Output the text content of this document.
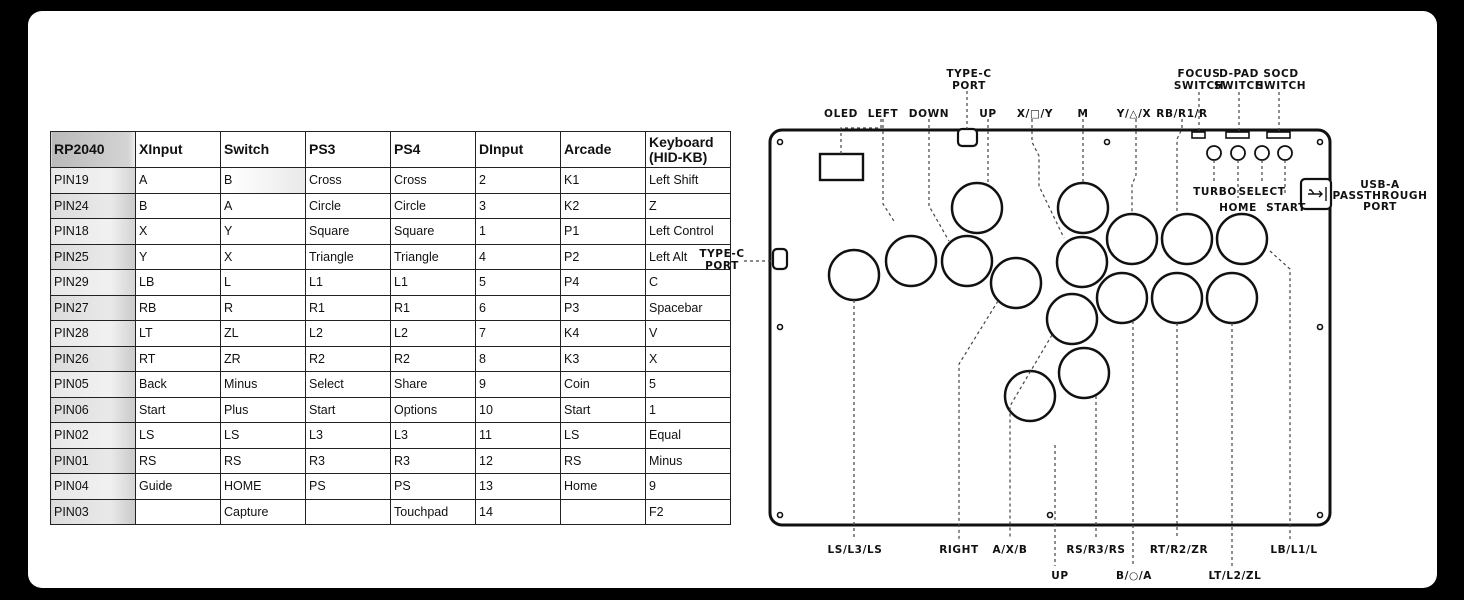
RP2040	XInput	Switch	PS3	PS4	DInput	Arcade	Keyboard
(HID-KB)
PIN19	A	B	Cross	Cross	2	K1	Left Shift
PIN24	B	A	Circle	Circle	3	K2	Z
PIN18	X	Y	Square	Square	1	P1	Left Control
PIN25	Y	X	Triangle	Triangle	4	P2	Left Alt
PIN29	LB	L	L1	L1	5	P4	C
PIN27	RB	R	R1	R1	6	P3	Spacebar
PIN28	LT	ZL	L2	L2	7	K4	V
PIN26	RT	ZR	R2	R2	8	K3	X
PIN05	Back	Minus	Select	Share	9	Coin	5
PIN06	Start	Plus	Start	Options	10	Start	1
PIN02	LS	LS	L3	L3	11	LS	Equal
PIN01	RS	RS	R3	R3	12	RS	Minus
PIN04	Guide	HOME	PS	PS	13	Home	9
PIN03		Capture		Touchpad	14		F2
TYPE-C
PORT
TYPE-C
PORT
OLED LEFT DOWN	UP X/□/Y M	Y/△/X RB/R1/R
FOCUS
SWITCH
D-PAD
SWITCH
SOCD
SWITCH
TURBO SELECT
HOME START
USB-A
PASSTHROUGH
PORT
LS/L3/LS	RIGHT A/X/B	RS/R3/RS RT/R2/ZR	LB/L1/L
UP	B/○/A	LT/L2/ZL
